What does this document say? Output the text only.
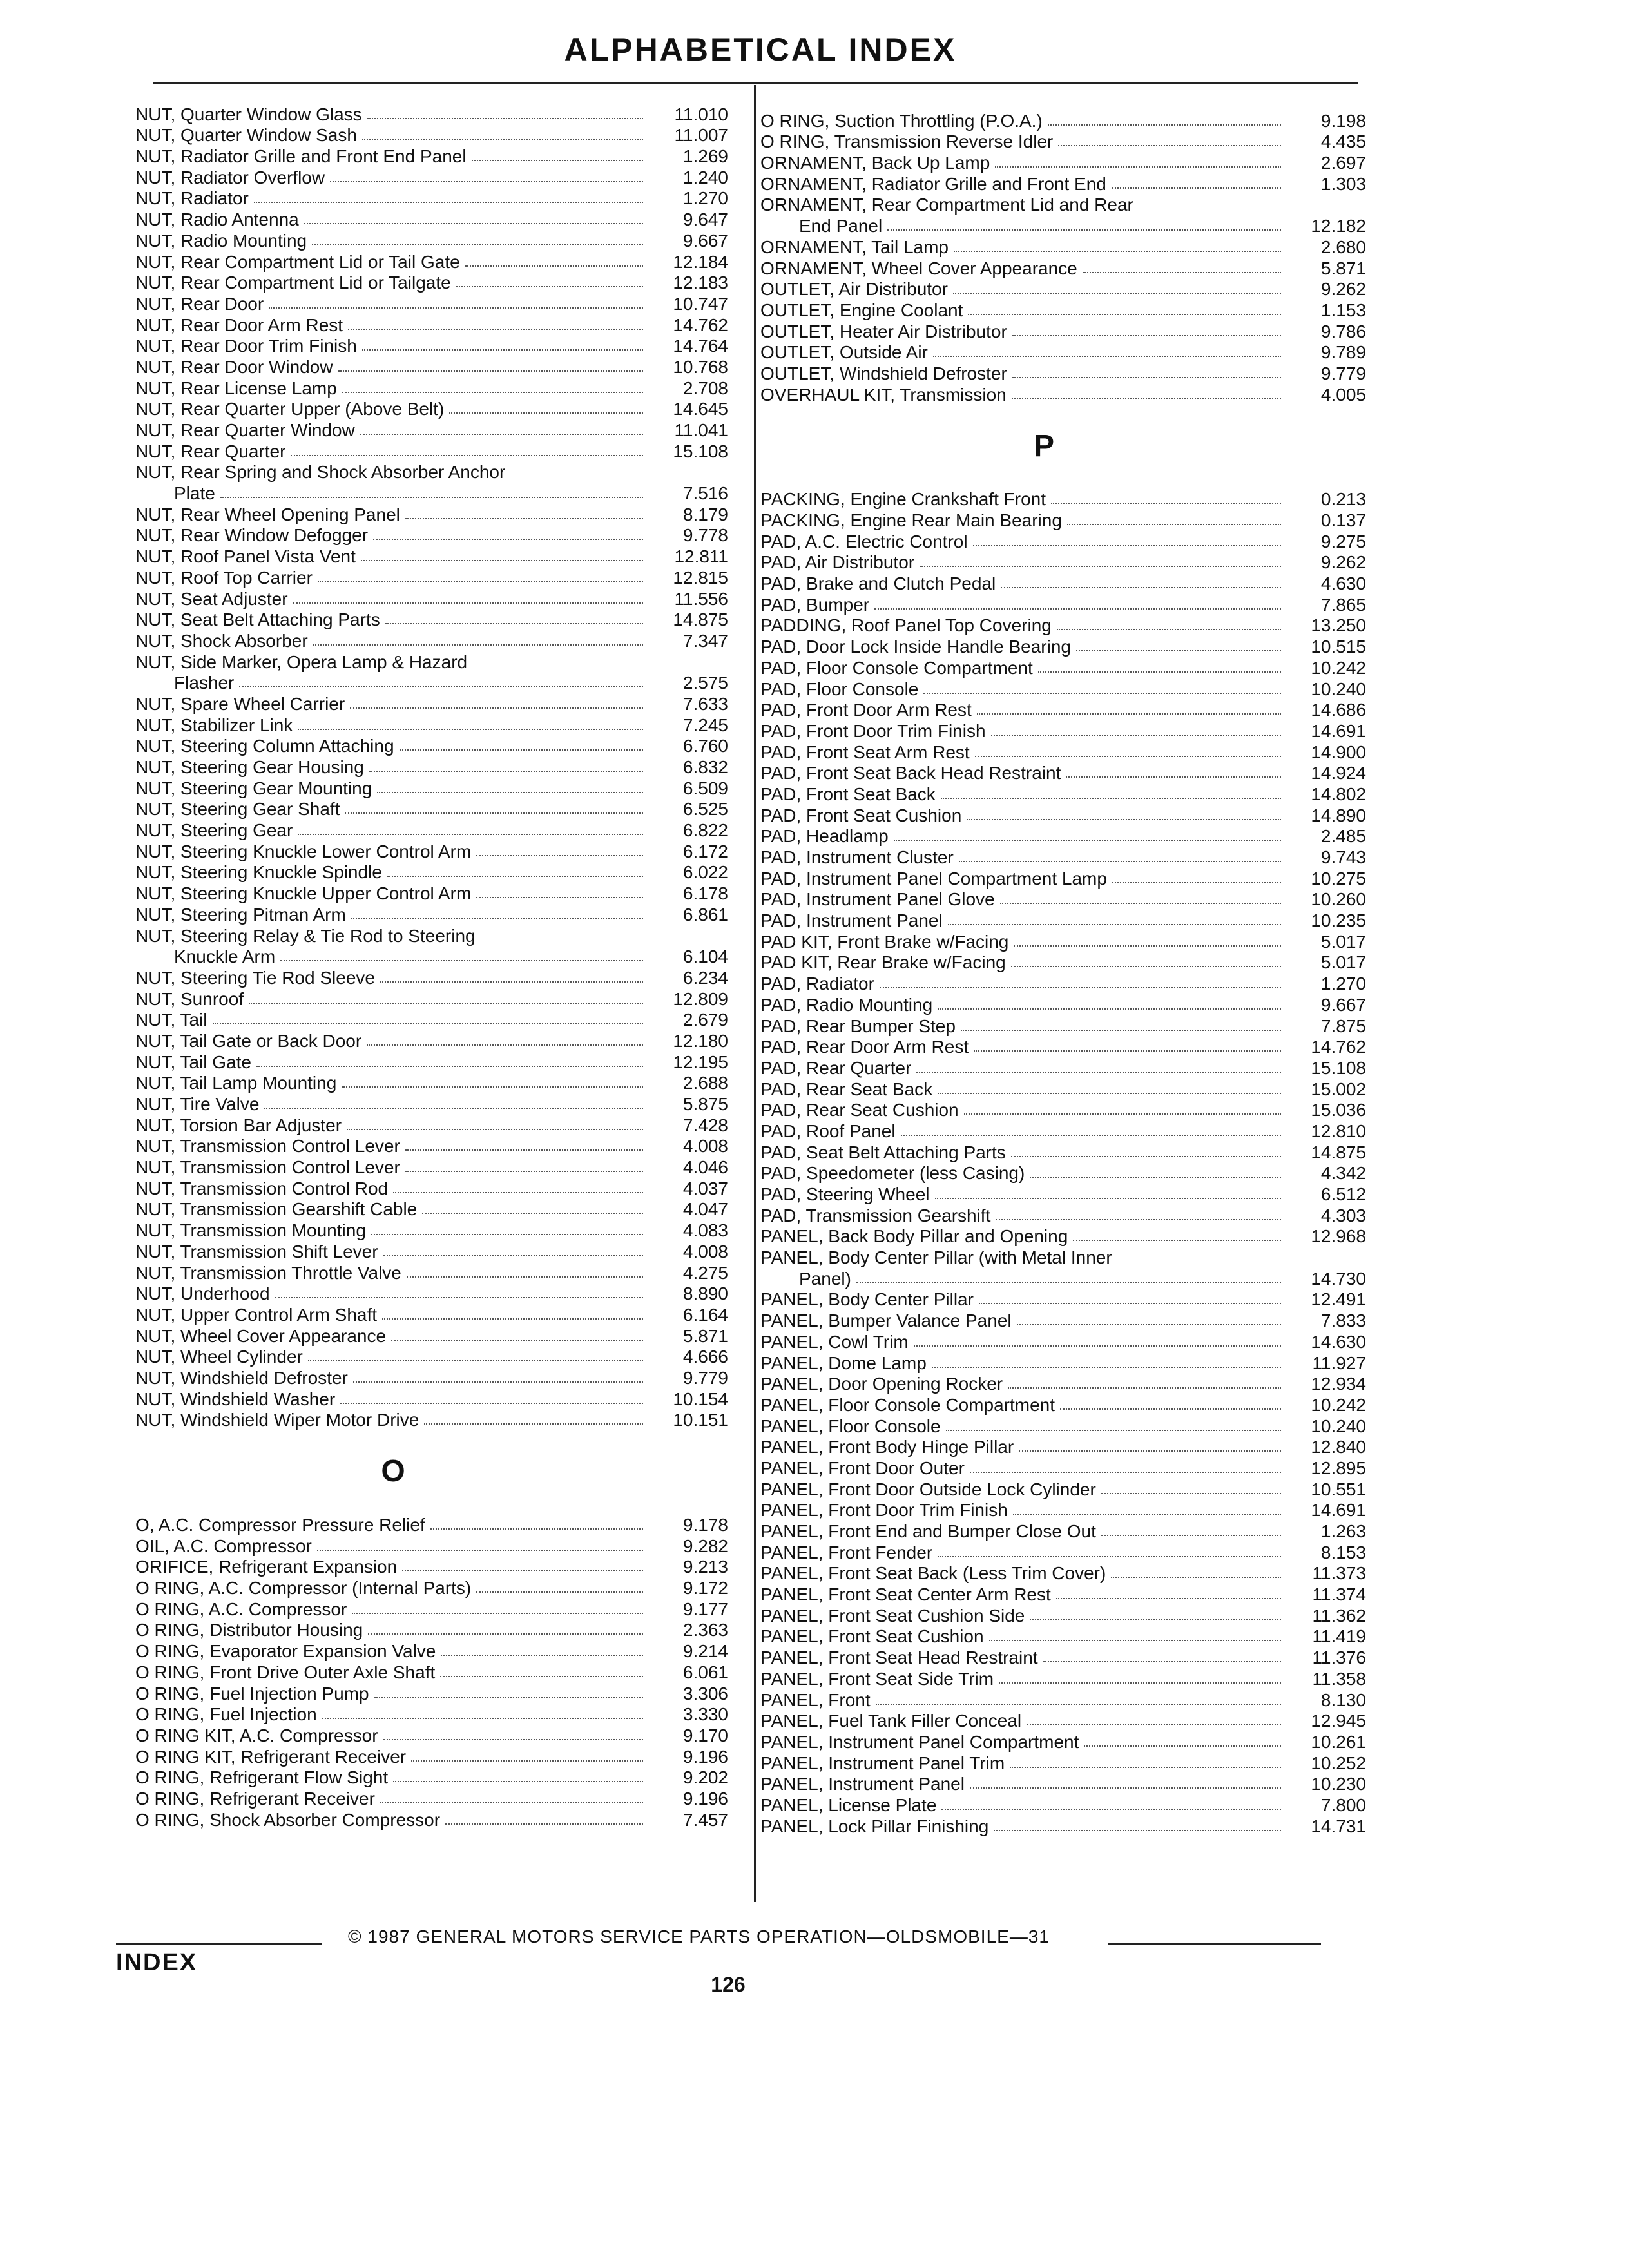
ALPHABETICAL INDEX
NUT, Quarter Window Glass	11.010
NUT, Quarter Window Sash	11.007
NUT, Radiator Grille and Front End Panel	1.269
NUT, Radiator Overflow	1.240
NUT, Radiator	1.270
NUT, Radio Antenna	9.647
NUT, Radio Mounting	9.667
NUT, Rear Compartment Lid or Tail Gate	12.184
NUT, Rear Compartment Lid or Tailgate	12.183
NUT, Rear Door	10.747
NUT, Rear Door Arm Rest	14.762
NUT, Rear Door Trim Finish	14.764
NUT, Rear Door Window	10.768
NUT, Rear License Lamp	2.708
NUT, Rear Quarter Upper (Above Belt)	14.645
NUT, Rear Quarter Window	11.041
NUT, Rear Quarter	15.108
NUT, Rear Spring and Shock Absorber Anchor
Plate	7.516
NUT, Rear Wheel Opening Panel	8.179
NUT, Rear Window Defogger	9.778
NUT, Roof Panel Vista Vent	12.811
NUT, Roof Top Carrier	12.815
NUT, Seat Adjuster	11.556
NUT, Seat Belt Attaching Parts	14.875
NUT, Shock Absorber	7.347
NUT, Side Marker, Opera Lamp & Hazard
Flasher	2.575
NUT, Spare Wheel Carrier	7.633
NUT, Stabilizer Link	7.245
NUT, Steering Column Attaching	6.760
NUT, Steering Gear Housing	6.832
NUT, Steering Gear Mounting	6.509
NUT, Steering Gear Shaft	6.525
NUT, Steering Gear	6.822
NUT, Steering Knuckle Lower Control Arm	6.172
NUT, Steering Knuckle Spindle	6.022
NUT, Steering Knuckle Upper Control Arm	6.178
NUT, Steering Pitman Arm	6.861
NUT, Steering Relay & Tie Rod to Steering
Knuckle Arm	6.104
NUT, Steering Tie Rod Sleeve	6.234
NUT, Sunroof	12.809
NUT, Tail	2.679
NUT, Tail Gate or Back Door	12.180
NUT, Tail Gate	12.195
NUT, Tail Lamp Mounting	2.688
NUT, Tire Valve	5.875
NUT, Torsion Bar Adjuster	7.428
NUT, Transmission Control Lever	4.008
NUT, Transmission Control Lever	4.046
NUT, Transmission Control Rod	4.037
NUT, Transmission Gearshift Cable	4.047
NUT, Transmission Mounting	4.083
NUT, Transmission Shift Lever	4.008
NUT, Transmission Throttle Valve	4.275
NUT, Underhood	8.890
NUT, Upper Control Arm Shaft	6.164
NUT, Wheel Cover Appearance	5.871
NUT, Wheel Cylinder	4.666
NUT, Windshield Defroster	9.779
NUT, Windshield Washer	10.154
NUT, Windshield Wiper Motor Drive	10.151
O
O, A.C. Compressor Pressure Relief	9.178
OIL, A.C. Compressor	9.282
ORIFICE, Refrigerant Expansion	9.213
O RING, A.C. Compressor (Internal Parts)	9.172
O RING, A.C. Compressor	9.177
O RING, Distributor Housing	2.363
O RING, Evaporator Expansion Valve	9.214
O RING, Front Drive Outer Axle Shaft	6.061
O RING, Fuel Injection Pump	3.306
O RING, Fuel Injection	3.330
O RING KIT, A.C. Compressor	9.170
O RING KIT, Refrigerant Receiver	9.196
O RING, Refrigerant Flow Sight	9.202
O RING, Refrigerant Receiver	9.196
O RING, Shock Absorber Compressor	7.457
O RING, Suction Throttling (P.O.A.)	9.198
O RING, Transmission Reverse Idler	4.435
ORNAMENT, Back Up Lamp	2.697
ORNAMENT, Radiator Grille and Front End	1.303
ORNAMENT, Rear Compartment Lid and Rear
End Panel	12.182
ORNAMENT, Tail Lamp	2.680
ORNAMENT, Wheel Cover Appearance	5.871
OUTLET, Air Distributor	9.262
OUTLET, Engine Coolant	1.153
OUTLET, Heater Air Distributor	9.786
OUTLET, Outside Air	9.789
OUTLET, Windshield Defroster	9.779
OVERHAUL KIT, Transmission	4.005
P
PACKING, Engine Crankshaft Front	0.213
PACKING, Engine Rear Main Bearing	0.137
PAD, A.C. Electric Control	9.275
PAD, Air Distributor	9.262
PAD, Brake and Clutch Pedal	4.630
PAD, Bumper	7.865
PADDING, Roof Panel Top Covering	13.250
PAD, Door Lock Inside Handle Bearing	10.515
PAD, Floor Console Compartment	10.242
PAD, Floor Console	10.240
PAD, Front Door Arm Rest	14.686
PAD, Front Door Trim Finish	14.691
PAD, Front Seat Arm Rest	14.900
PAD, Front Seat Back Head Restraint	14.924
PAD, Front Seat Back	14.802
PAD, Front Seat Cushion	14.890
PAD, Headlamp	2.485
PAD, Instrument Cluster	9.743
PAD, Instrument Panel Compartment Lamp	10.275
PAD, Instrument Panel Glove	10.260
PAD, Instrument Panel	10.235
PAD KIT, Front Brake w/Facing	5.017
PAD KIT, Rear Brake w/Facing	5.017
PAD, Radiator	1.270
PAD, Radio Mounting	9.667
PAD, Rear Bumper Step	7.875
PAD, Rear Door Arm Rest	14.762
PAD, Rear Quarter	15.108
PAD, Rear Seat Back	15.002
PAD, Rear Seat Cushion	15.036
PAD, Roof Panel	12.810
PAD, Seat Belt Attaching Parts	14.875
PAD, Speedometer (less Casing)	4.342
PAD, Steering Wheel	6.512
PAD, Transmission Gearshift	4.303
PANEL, Back Body Pillar and Opening	12.968
PANEL, Body Center Pillar (with Metal Inner
Panel)	14.730
PANEL, Body Center Pillar	12.491
PANEL, Bumper Valance Panel	7.833
PANEL, Cowl Trim	14.630
PANEL, Dome Lamp	11.927
PANEL, Door Opening Rocker	12.934
PANEL, Floor Console Compartment	10.242
PANEL, Floor Console	10.240
PANEL, Front Body Hinge Pillar	12.840
PANEL, Front Door Outer	12.895
PANEL, Front Door Outside Lock Cylinder	10.551
PANEL, Front Door Trim Finish	14.691
PANEL, Front End and Bumper Close Out	1.263
PANEL, Front Fender	8.153
PANEL, Front Seat Back (Less Trim Cover)	11.373
PANEL, Front Seat Center Arm Rest	11.374
PANEL, Front Seat Cushion Side	11.362
PANEL, Front Seat Cushion	11.419
PANEL, Front Seat Head Restraint	11.376
PANEL, Front Seat Side Trim	11.358
PANEL, Front	8.130
PANEL, Fuel Tank Filler Conceal	12.945
PANEL, Instrument Panel Compartment	10.261
PANEL, Instrument Panel Trim	10.252
PANEL, Instrument Panel	10.230
PANEL, License Plate	7.800
PANEL, Lock Pillar Finishing	14.731
© 1987 GENERAL MOTORS SERVICE PARTS OPERATION—OLDSMOBILE—31
INDEX
126
